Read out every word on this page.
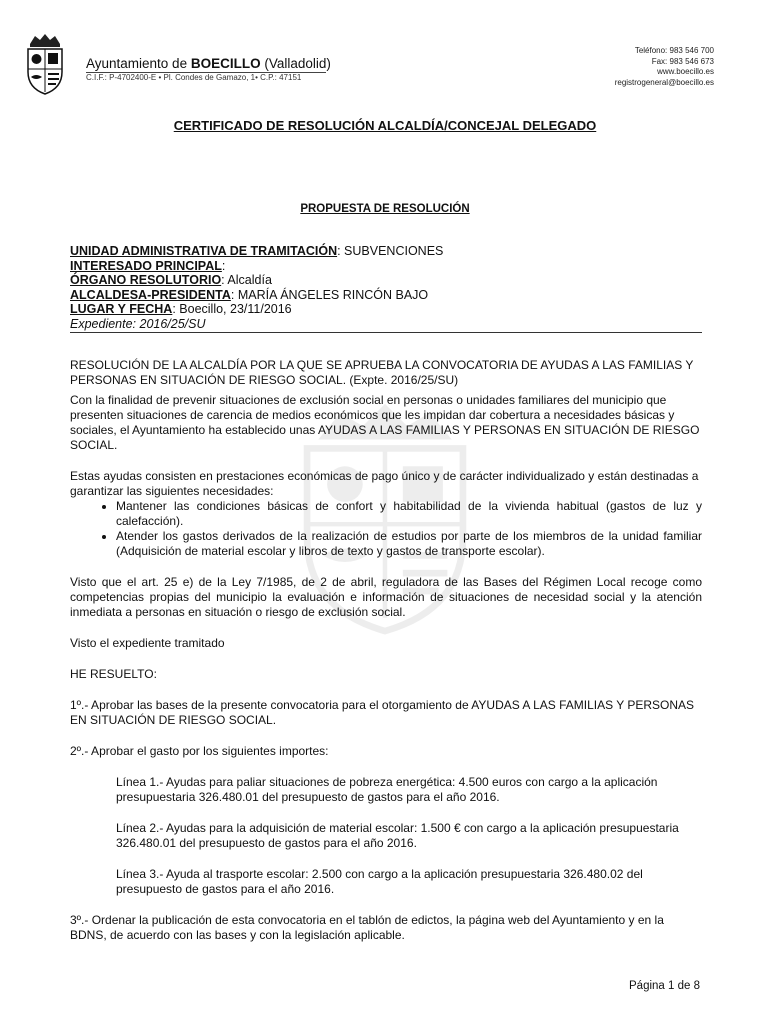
Ayuntamiento de BOECILLO (Valladolid)
C.I.F.: P-4702400-E • Pl. Condes de Gamazo, 1• C.P.: 47151
Teléfono: 983 546 700
Fax: 983 546 673
www.boecillo.es
registrogeneral@boecillo.es
CERTIFICADO DE RESOLUCIÓN ALCALDÍA/CONCEJAL DELEGADO
PROPUESTA DE RESOLUCIÓN
UNIDAD ADMINISTRATIVA DE TRAMITACIÓN: SUBVENCIONES
INTERESADO PRINCIPAL:
ÓRGANO RESOLUTORIO: Alcaldía
ALCALDESA-PRESIDENTA: MARÍA ÁNGELES RINCÓN BAJO
LUGAR Y FECHA: Boecillo, 23/11/2016
Expediente: 2016/25/SU

RESOLUCIÓN DE LA ALCALDÍA POR LA QUE SE APRUEBA LA CONVOCATORIA DE AYUDAS A LAS FAMILIAS Y PERSONAS EN SITUACIÓN DE RIESGO SOCIAL. (Expte. 2016/25/SU)

Con la finalidad de prevenir situaciones de exclusión social en personas o unidades familiares del municipio que presenten situaciones de carencia de medios económicos que les impidan dar cobertura a necesidades básicas y sociales, el Ayuntamiento ha establecido unas AYUDAS A LAS FAMILIAS Y PERSONAS EN SITUACIÓN DE RIESGO SOCIAL.

Estas ayudas consisten en prestaciones económicas de pago único y de carácter individualizado y están destinadas a garantizar las siguientes necesidades:

• Mantener las condiciones básicas de confort y habitabilidad de la vivienda habitual (gastos de luz y calefacción).
• Atender los gastos derivados de la realización de estudios por parte de los miembros de la unidad familiar (Adquisición de material escolar y libros de texto y gastos de transporte escolar).

Visto que el art. 25 e) de la Ley 7/1985, de 2 de abril, reguladora de las Bases del Régimen Local recoge como competencias propias del municipio la evaluación e información de situaciones de necesidad social y la atención inmediata a personas en situación o riesgo de exclusión social.

Visto el expediente tramitado

HE RESUELTO:

1º.- Aprobar las bases de la presente convocatoria para el otorgamiento de AYUDAS A LAS FAMILIAS Y PERSONAS EN SITUACIÓN DE RIESGO SOCIAL.

2º.- Aprobar el gasto por los siguientes importes:

Línea 1.- Ayudas para paliar situaciones de pobreza energética: 4.500 euros con cargo a la aplicación presupuestaria 326.480.01 del presupuesto de gastos para el año 2016.

Línea 2.- Ayudas para la adquisición de material escolar: 1.500 € con cargo a la aplicación presupuestaria 326.480.01 del presupuesto de gastos para el año 2016.

Línea 3.- Ayuda al trasporte escolar: 2.500 con cargo a la aplicación presupuestaria 326.480.02 del presupuesto de gastos para el año 2016.

3º.- Ordenar la publicación de esta convocatoria en el tablón de edictos, la página web del Ayuntamiento y en la BDNS, de acuerdo con las bases y con la legislación aplicable.

Página 1 de 8
